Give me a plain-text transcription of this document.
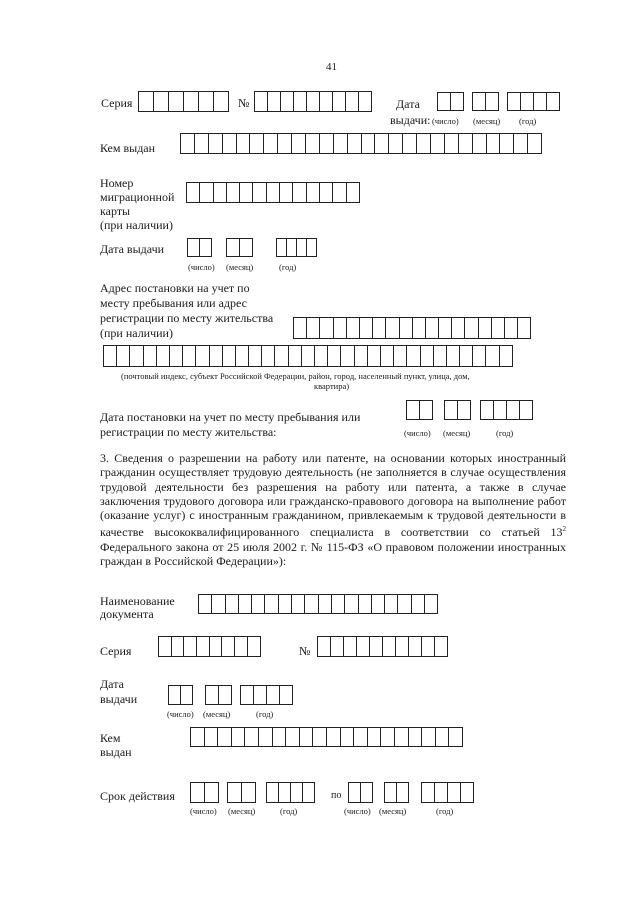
41
Серия	№	Дата
выдачи: (число) (месяц) (год)
Кем выдан
Номер
миграционной
карты
(при наличии)
Дата выдачи
(число) (месяц)	(год)
Адрес постановки на учет по
месту пребывания или адрес
регистрации по месту жительства
(при наличии)
(почтовый индекс, субъект Российской Федерации, район, город, населенный пункт, улица, дом,
квартира)
Дата постановки на учет по месту пребывания или
регистрации по месту жительства:	(число) (месяц)	(год)
3. Сведения о разрешении на работу или патенте, на основании которых иностранный гражданин осуществляет трудовую деятельность (не заполняется в случае осуществления трудовой деятельности без разрешения на работу или патента, а также в случае заключения трудового договора или гражданско-правового договора на выполнение работ (оказание услуг) с иностранным гражданином, привлекаемым к трудовой деятельности в качестве высококвалифицированного специалиста в соответствии со статьей $13^2$ Федерального закона от 25 июля 2002 г. № 115-ФЗ «О правовом положении иностранных граждан в Российской Федерации»):
Наименование
документа
Серия	№
Дата
выдачи
(число) (месяц)	(год)
Кем
выдан
Срок действия	по
(число) (месяц)	(год)	(число) (месяц)	(год)
